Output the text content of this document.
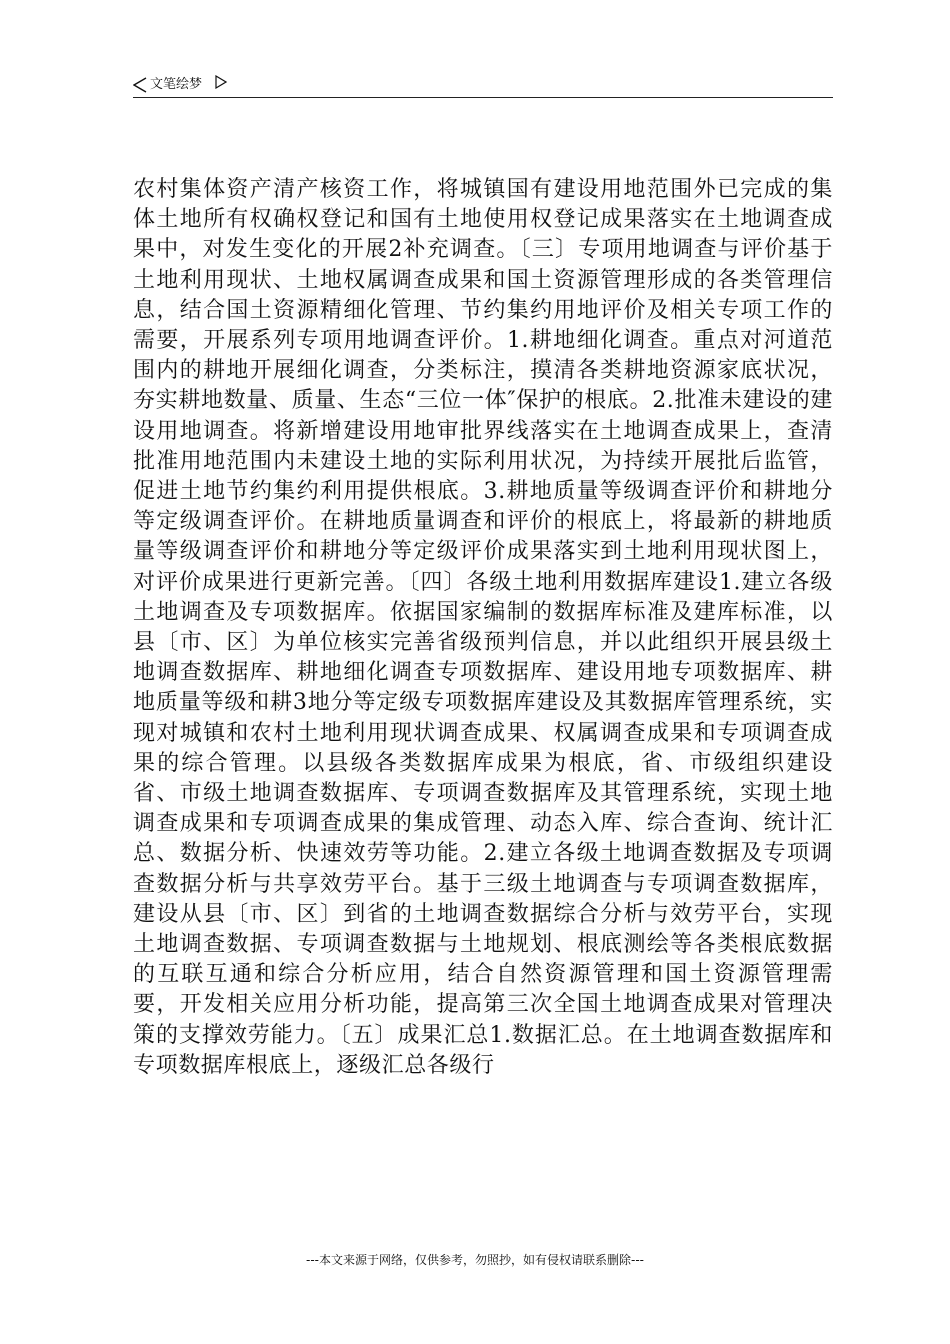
文笔绘梦

农村集体资产清产核资工作，将城镇国有建设用地范围外已完成的集体土地所有权确权登记和国有土地使用权登记成果落实在土地调查成果中，对发生变化的开展2补充调查。〔三〕专项用地调查与评价基于土地利用现状、土地权属调查成果和国土资源管理形成的各类管理信息，结合国土资源精细化管理、节约集约用地评价及相关专项工作的需要，开展系列专项用地调查评价。1.耕地细化调查。重点对河道范围内的耕地开展细化调查，分类标注，摸清各类耕地资源家底状况，夯实耕地数量、质量、生态“三位一体″保护的根底。2.批准未建设的建设用地调查。将新增建设用地审批界线落实在土地调查成果上，查清批准用地范围内未建设土地的实际利用状况，为持续开展批后监管，促进土地节约集约利用提供根底。3.耕地质量等级调查评价和耕地分等定级调查评价。在耕地质量调查和评价的根底上，将最新的耕地质量等级调查评价和耕地分等定级评价成果落实到土地利用现状图上，对评价成果进行更新完善。〔四〕各级土地利用数据库建设1.建立各级土地调查及专项数据库。依据国家编制的数据库标准及建库标准，以县〔市、区〕为单位核实完善省级预判信息，并以此组织开展县级土地调查数据库、耕地细化调查专项数据库、建设用地专项数据库、耕地质量等级和耕3地分等定级专项数据库建设及其数据库管理系统，实现对城镇和农村土地利用现状调查成果、权属调查成果和专项调查成果的综合管理。以县级各类数据库成果为根底，省、市级组织建设省、市级土地调查数据库、专项调查数据库及其管理系统，实现土地调查成果和专项调查成果的集成管理、动态入库、综合查询、统计汇总、数据分析、快速效劳等功能。2.建立各级土地调查数据及专项调查数据分析与共享效劳平台。基于三级土地调查与专项调查数据库，建设从县〔市、区〕到省的土地调查数据综合分析与效劳平台，实现土地调查数据、专项调查数据与土地规划、根底测绘等各类根底数据的互联互通和综合分析应用，结合自然资源管理和国土资源管理需要，开发相关应用分析功能，提高第三次全国土地调查成果对管理决策的支撑效劳能力。〔五〕成果汇总1.数据汇总。在土地调查数据库和专项数据库根底上，逐级汇总各级行

---本文来源于网络，仅供参考，勿照抄，如有侵权请联系删除---
